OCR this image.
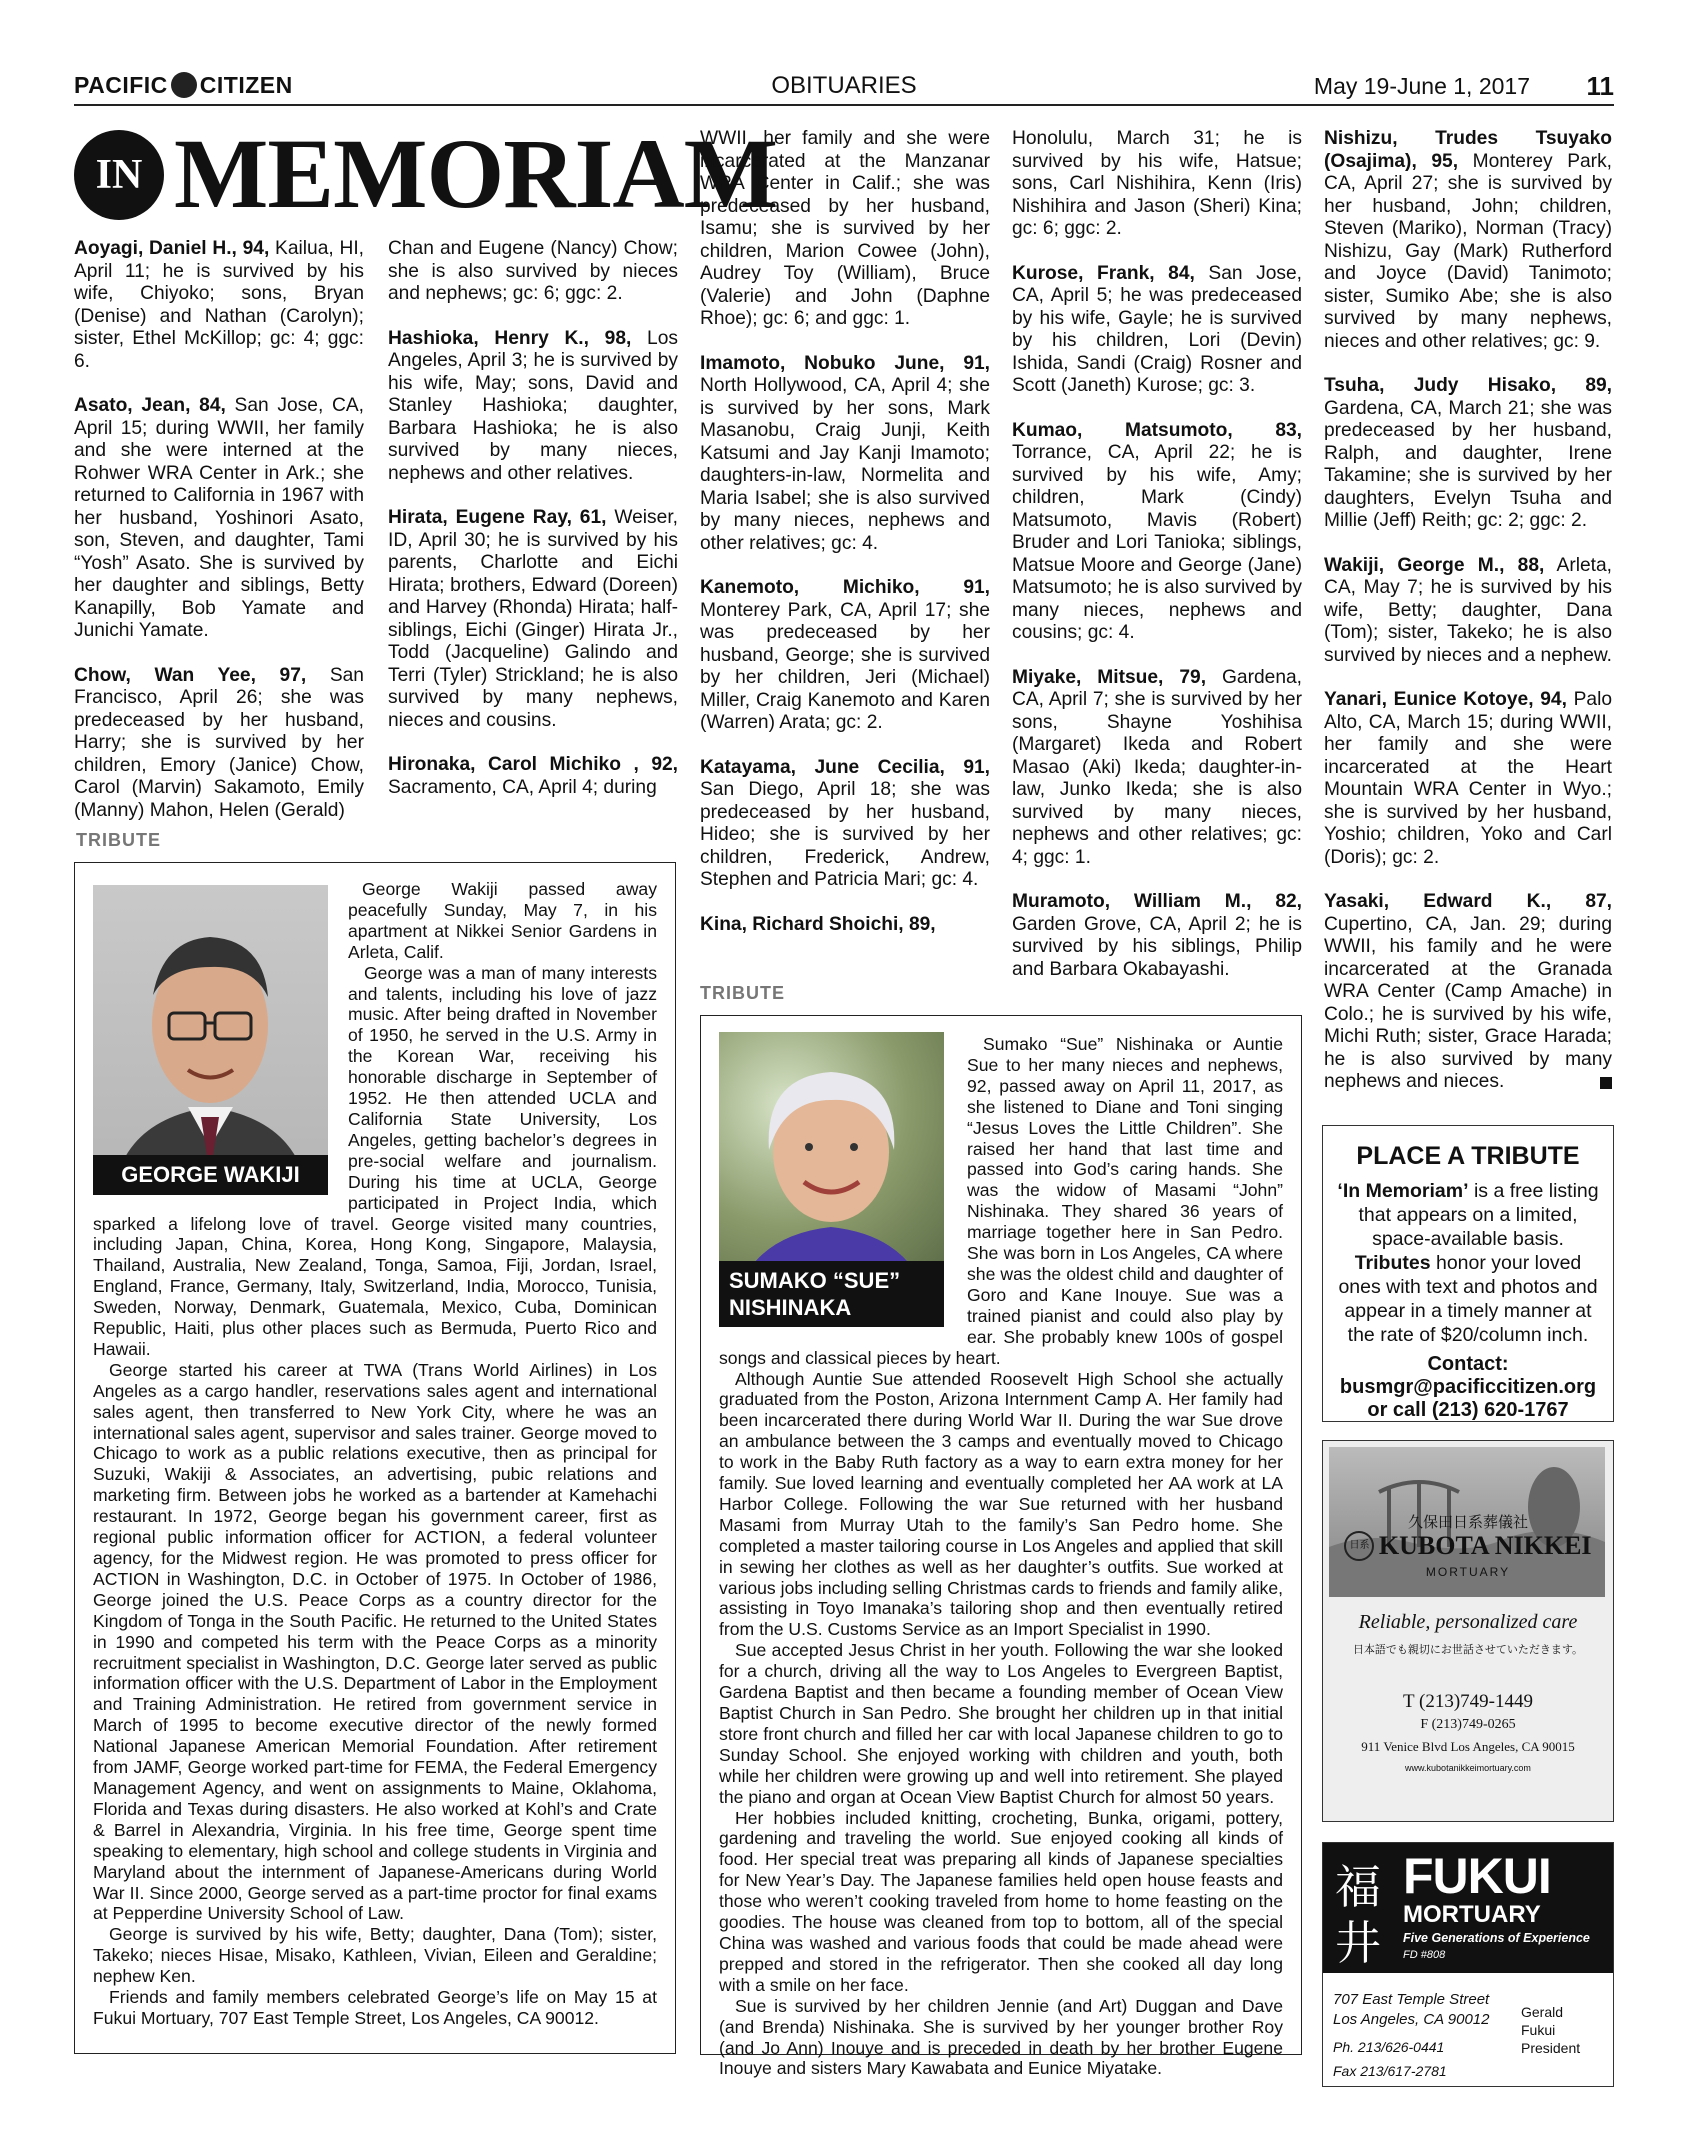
PACIFIC CITIZEN	OBITUARIES	May 19-June 1, 2017 11
IN MEMORIAM

Aoyagi, Daniel H., 94, Kailua, HI, April 11; he is survived by his wife, Chiyoko; sons, Bryan (Denise) and Nathan (Carolyn); sister, Ethel McKillop; gc: 4; ggc: 6.

Asato, Jean, 84, San Jose, CA, April 15; during WWII, her family and she were interned at the Rohwer WRA Center in Ark.; she returned to California in 1967 with her husband, Yoshinori Asato, son, Steven, and daughter, Tami “Yosh” Asato. She is survived by her daughter and siblings, Betty Kanapilly, Bob Yamate and Junichi Yamate.

Chow, Wan Yee, 97, San Francisco, April 26; she was predeceased by her husband, Harry; she is survived by her children, Emory (Janice) Chow, Carol (Marvin) Sakamoto, Emily (Manny) Mahon, Helen (Gerald)

Chan and Eugene (Nancy) Chow; she is also survived by nieces and nephews; gc: 6; ggc: 2.

Hashioka, Henry K., 98, Los Angeles, April 3; he is survived by his wife, May; sons, David and Stanley Hashioka; daughter, Barbara Hashioka; he is also survived by many nieces, nephews and other relatives.

Hirata, Eugene Ray, 61, Weiser, ID, April 30; he is survived by his parents, Charlotte and Eichi Hirata; brothers, Edward (Doreen) and Harvey (Rhonda) Hirata; half-siblings, Eichi (Ginger) Hirata Jr., Todd (Jacqueline) Galindo and Terri (Tyler) Strickland; he is also survived by many nephews, nieces and cousins.

Hironaka, Carol Michiko , 92, Sacramento, CA, April 4; during

WWII, her family and she were incarcerated at the Manzanar WRA Center in Calif.; she was predeceased by her husband, Isamu; she is survived by her children, Marion Cowee (John), Audrey Toy (William), Bruce (Valerie) and John (Daphne Rhoe); gc: 6; and ggc: 1.

Imamoto, Nobuko June, 91, North Hollywood, CA, April 4; she is survived by her sons, Mark Masanobu, Craig Junji, Keith Katsumi and Jay Kanji Imamoto; daughters-in-law, Normelita and Maria Isabel; she is also survived by many nieces, nephews and other relatives; gc: 4.

Kanemoto, Michiko, 91, Monterey Park, CA, April 17; she was predeceased by her husband, George; she is survived by her children, Jeri (Michael) Miller, Craig Kanemoto and Karen (Warren) Arata; gc: 2.

Katayama, June Cecilia, 91, San Diego, April 18; she was predeceased by her husband, Hideo; she is survived by her children, Frederick, Andrew, Stephen and Patricia Mari; gc: 4.

Kina, Richard Shoichi, 89,

Honolulu, March 31; he is survived by his wife, Hatsue; sons, Carl Nishihira, Kenn (Iris) Nishihira and Jason (Sheri) Kina; gc: 6; ggc: 2.

Kurose, Frank, 84, San Jose, CA, April 5; he was predeceased by his wife, Gayle; he is survived by his children, Lori (Devin) Ishida, Sandi (Craig) Rosner and Scott (Janeth) Kurose; gc: 3.

Kumao, Matsumoto, 83, Torrance, CA, April 22; he is survived by his wife, Amy; children, Mark (Cindy) Matsumoto, Mavis (Robert) Bruder and Lori Tanioka; siblings, Matsue Moore and George (Jane) Matsumoto; he is also survived by many nieces, nephews and cousins; gc: 4.

Miyake, Mitsue, 79, Gardena, CA, April 7; she is survived by her sons, Shayne Yoshihisa (Margaret) Ikeda and Robert Masao (Aki) Ikeda; daughter-in-law, Junko Ikeda; she is also survived by many nieces, nephews and other relatives; gc: 4; ggc: 1.

Muramoto, William M., 82, Garden Grove, CA, April 2; he is survived by his siblings, Philip and Barbara Okabayashi.

Nishizu, Trudes Tsuyako (Osajima), 95, Monterey Park, CA, April 27; she is survived by her husband, John; children, Steven (Mariko), Norman (Tracy) Nishizu, Gay (Mark) Rutherford and Joyce (David) Tanimoto; sister, Sumiko Abe; she is also survived by many nephews, nieces and other relatives; gc: 9.

Tsuha, Judy Hisako, 89, Gardena, CA, March 21; she was predeceased by her husband, Ralph, and daughter, Irene Takamine; she is survived by her daughters, Evelyn Tsuha and Millie (Jeff) Reith; gc: 2; ggc: 2.

Wakiji, George M., 88, Arleta, CA, May 7; he is survived by his wife, Betty; daughter, Dana (Tom); sister, Takeko; he is also survived by nieces and a nephew.

Yanari, Eunice Kotoye, 94, Palo Alto, CA, March 15; during WWII, her family and she were incarcerated at the Heart Mountain WRA Center in Wyo.; she is survived by her husband, Yoshio; children, Yoko and Carl (Doris); gc: 2.

Yasaki, Edward K., 87, Cupertino, CA, Jan. 29; during WWII, his family and he were incarcerated at the Granada WRA Center (Camp Amache) in Colo.; he is survived by his wife, Michi Ruth; sister, Grace Harada; he is also survived by many nephews and nieces.

TRIBUTE
GEORGE WAKIJI

George Wakiji passed away peacefully Sunday, May 7, in his apartment at Nikkei Senior Gardens in Arleta, Calif.

George was a man of many interests and talents, including his love of jazz music. After being drafted in November of 1950, he served in the U.S. Army in the Korean War, receiving his honorable discharge in September of 1952. He then attended UCLA and California State University, Los Angeles, getting bachelor’s degrees in pre-social welfare and journalism. During his time at UCLA, George participated in Project India, which sparked a lifelong love of travel. George visited many countries, including Japan, China, Korea, Hong Kong, Singapore, Malaysia, Thailand, Australia, New Zealand, Tonga, Samoa, Fiji, Jordan, Israel, England, France, Germany, Italy, Switzerland, India, Morocco, Tunisia, Sweden, Norway, Denmark, Guatemala, Mexico, Cuba, Dominican Republic, Haiti, plus other places such as Bermuda, Puerto Rico and Hawaii.

George started his career at TWA (Trans World Airlines) in Los Angeles as a cargo handler, reservations sales agent and international sales agent, then transferred to New York City, where he was an international sales agent, supervisor and sales trainer. George moved to Chicago to work as a public relations executive, then as principal for Suzuki, Wakiji & Associates, an advertising, pubic relations and marketing firm. Between jobs he worked as a bartender at Kamehachi restaurant. In 1972, George began his government career, first as regional public information officer for ACTION, a federal volunteer agency, for the Midwest region. He was promoted to press officer for ACTION in Washington, D.C. in October of 1975. In October of 1986, George joined the U.S. Peace Corps as a country director for the Kingdom of Tonga in the South Pacific. He returned to the United States in 1990 and competed his term with the Peace Corps as a minority recruitment specialist in Washington, D.C. George later served as public information officer with the U.S. Department of Labor in the Employment and Training Administration. He retired from government service in March of 1995 to become executive director of the newly formed National Japanese American Memorial Foundation. After retirement from JAMF, George worked part-time for FEMA, the Federal Emergency Management Agency, and went on assignments to Maine, Oklahoma, Florida and Texas during disasters. He also worked at Kohl’s and Crate & Barrel in Alexandria, Virginia. In his free time, George spent time speaking to elementary, high school and college students in Virginia and Maryland about the internment of Japanese-Americans during World War II. Since 2000, George served as a part-time proctor for final exams at Pepperdine University School of Law.

George is survived by his wife, Betty; daughter, Dana (Tom); sister, Takeko; nieces Hisae, Misako, Kathleen, Vivian, Eileen and Geraldine; nephew Ken.

Friends and family members celebrated George’s life on May 15 at Fukui Mortuary, 707 East Temple Street, Los Angeles, CA 90012.

TRIBUTE
SUMAKO “SUE” NISHINAKA

Sumako “Sue” Nishinaka or Auntie Sue to her many nieces and nephews, 92, passed away on April 11, 2017, as she listened to Diane and Toni singing “Jesus Loves the Little Children”. She raised her hand that last time and passed into God’s caring hands. She was the widow of Masami “John” Nishinaka. They shared 36 years of marriage together here in San Pedro. She was born in Los Angeles, CA where she was the oldest child and daughter of Goro and Kane Inouye. Sue was a trained pianist and could also play by ear. She probably knew 100s of gospel songs and classical pieces by heart.

Although Auntie Sue attended Roosevelt High School she actually graduated from the Poston, Arizona Internment Camp A. Her family had been incarcerated there during World War II. During the war Sue drove an ambulance between the 3 camps and eventually moved to Chicago to work in the Baby Ruth factory as a way to earn extra money for her family. Sue loved learning and eventually completed her AA work at LA Harbor College. Following the war Sue returned with her husband Masami from Murray Utah to the family’s San Pedro home. She completed a master tailoring course in Los Angeles and applied that skill in sewing her clothes as well as her daughter’s outfits. Sue worked at various jobs including selling Christmas cards to friends and family alike, assisting in Toyo Imanaka’s tailoring shop and then eventually retired from the U.S. Customs Service as an Import Specialist in 1990.

Sue accepted Jesus Christ in her youth. Following the war she looked for a church, driving all the way to Los Angeles to Evergreen Baptist, Gardena Baptist and then became a founding member of Ocean View Baptist Church in San Pedro. She brought her children up in that initial store front church and filled her car with local Japanese children to go to Sunday School. She enjoyed working with children and youth, both while her children were growing up and well into retirement. She played the piano and organ at Ocean View Baptist Church for almost 50 years.

Her hobbies included knitting, crocheting, Bunka, origami, pottery, gardening and traveling the world. Sue enjoyed cooking all kinds of food. Her special treat was preparing all kinds of Japanese specialties for New Year’s Day. The Japanese families held open house feasts and those who weren’t cooking traveled from home to home feasting on the goodies. The house was cleaned from top to bottom, all of the special China was washed and various foods that could be made ahead were prepped and stored in the refrigerator. Then she cooked all day long with a smile on her face.

Sue is survived by her children Jennie (and Art) Duggan and Dave (and Brenda) Nishinaka. She is survived by her younger brother Roy (and Jo Ann) Inouye and is preceded in death by her brother Eugene Inouye and sisters Mary Kawabata and Eunice Miyatake.

PLACE A TRIBUTE
‘In Memoriam’ is a free listing that appears on a limited, space-available basis. Tributes honor your loved ones with text and photos and appear in a timely manner at the rate of $20/column inch.
Contact:
busmgr@pacificcitizen.org
or call (213) 620-1767
久保田日系葬儀社
日系 KUBOTA NIKKEI
MORTUARY
Reliable, personalized care
日本語でも親切にお世話させていただきます。
T (213)749-1449
F (213)749-0265
911 Venice Blvd Los Angeles, CA 90015
www.kubotanikkeimortuary.com
福
井
FUKUI
MORTUARY
Five Generations of Experience
FD #808
707 East Temple Street
Los Angeles, CA 90012
Ph. 213/626-0441
Fax 213/617-2781
Gerald
Fukui
President
